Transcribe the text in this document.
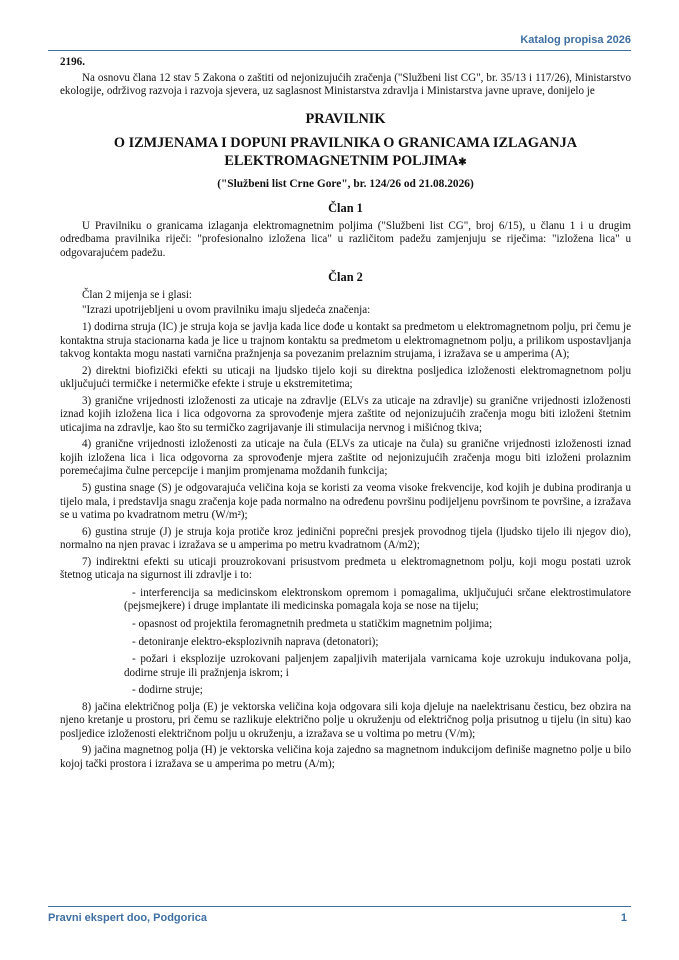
Katalog propisa 2026

2196.

Na osnovu člana 12 stav 5 Zakona o zaštiti od nejonizujućih zračenja ("Službeni list CG", br. 35/13 i 117/26), Ministarstvo ekologije, održivog razvoja i razvoja sjevera, uz saglasnost Ministarstva zdravlja i Ministarstva javne uprave, donijelo je

PRAVILNIK

O IZMJENAMA I DOPUNI PRAVILNIKA O GRANICAMA IZLAGANJA ELEKTROMAGNETNIM POLJIMA✱

("Službeni list Crne Gore", br. 124/26 od 21.08.2026)

Član 1

U Pravilniku o granicama izlaganja elektromagnetnim poljima ("Službeni list CG", broj 6/15), u članu 1 i u drugim odredbama pravilnika riječi: "profesionalno izložena lica" u različitom padežu zamjenjuju se riječima: "izložena lica" u odgovarajućem padežu.

Član 2

Član 2 mijenja se i glasi:

"Izrazi upotrijebljeni u ovom pravilniku imaju sljedeća značenja:

1) dodirna struja (IC) je struja koja se javlja kada lice dođe u kontakt sa predmetom u elektromagnetnom polju, pri čemu je kontaktna struja stacionarna kada je lice u trajnom kontaktu sa predmetom u elektromagnetnom polju, a prilikom uspostavljanja takvog kontakta mogu nastati varnična pražnjenja sa povezanim prelaznim strujama, i izražava se u amperima (A);

2) direktni biofizički efekti su uticaji na ljudsko tijelo koji su direktna posljedica izloženosti elektromagnetnom polju uključujući termičke i netermičke efekte i struje u ekstremitetima;

3) granične vrijednosti izloženosti za uticaje na zdravlje (ELVs za uticaje na zdravlje) su granične vrijednosti izloženosti iznad kojih izložena lica i lica odgovorna za sprovođenje mjera zaštite od nejonizujućih zračenja mogu biti izloženi štetnim uticajima na zdravlje, kao što su termičko zagrijavanje ili stimulacija nervnog i mišićnog tkiva;

4) granične vrijednosti izloženosti za uticaje na čula (ELVs za uticaje na čula) su granične vrijednosti izloženosti iznad kojih izložena lica i lica odgovorna za sprovođenje mjera zaštite od nejonizujućih zračenja mogu biti izloženi prolaznim poremećajima čulne percepcije i manjim promjenama moždanih funkcija;

5) gustina snage (S) je odgovarajuća veličina koja se koristi za veoma visoke frekvencije, kod kojih je dubina prodiranja u tijelo mala, i predstavlja snagu zračenja koje pada normalno na određenu površinu podijeljenu površinom te površine, a izražava se u vatima po kvadratnom metru (W/m²);

6) gustina struje (J) je struja koja protiče kroz jedinični poprečni presjek provodnog tijela (ljudsko tijelo ili njegov dio), normalno na njen pravac i izražava se u amperima po metru kvadratnom (A/m2);

7) indirektni efekti su uticaji prouzrokovani prisustvom predmeta u elektromagnetnom polju, koji mogu postati uzrok štetnog uticaja na sigurnost ili zdravlje i to:

- interferencija sa medicinskom elektronskom opremom i pomagalima, uključujući srčane elektrostimulatore (pejsmejkere) i druge implantate ili medicinska pomagala koja se nose na tijelu;

- opasnost od projektila feromagnetnih predmeta u statičkim magnetnim poljima;

- detoniranje elektro-eksplozivnih naprava (detonatori);

- požari i eksplozije uzrokovani paljenjem zapaljivih materijala varnicama koje uzrokuju indukovana polja, dodirne struje ili pražnjenja iskrom; i

- dodirne struje;

8) jačina električnog polja (E) je vektorska veličina koja odgovara sili koja djeluje na naelektrisanu česticu, bez obzira na njeno kretanje u prostoru, pri čemu se razlikuje električno polje u okruženju od električnog polja prisutnog u tijelu (in situ) kao posljedice izloženosti električnom polju u okruženju, a izražava se u voltima po metru (V/m);

9) jačina magnetnog polja (H) je vektorska veličina koja zajedno sa magnetnom indukcijom definiše magnetno polje u bilo kojoj tački prostora i izražava se u amperima po metru (A/m);

Pravni ekspert doo, Podgorica	1
